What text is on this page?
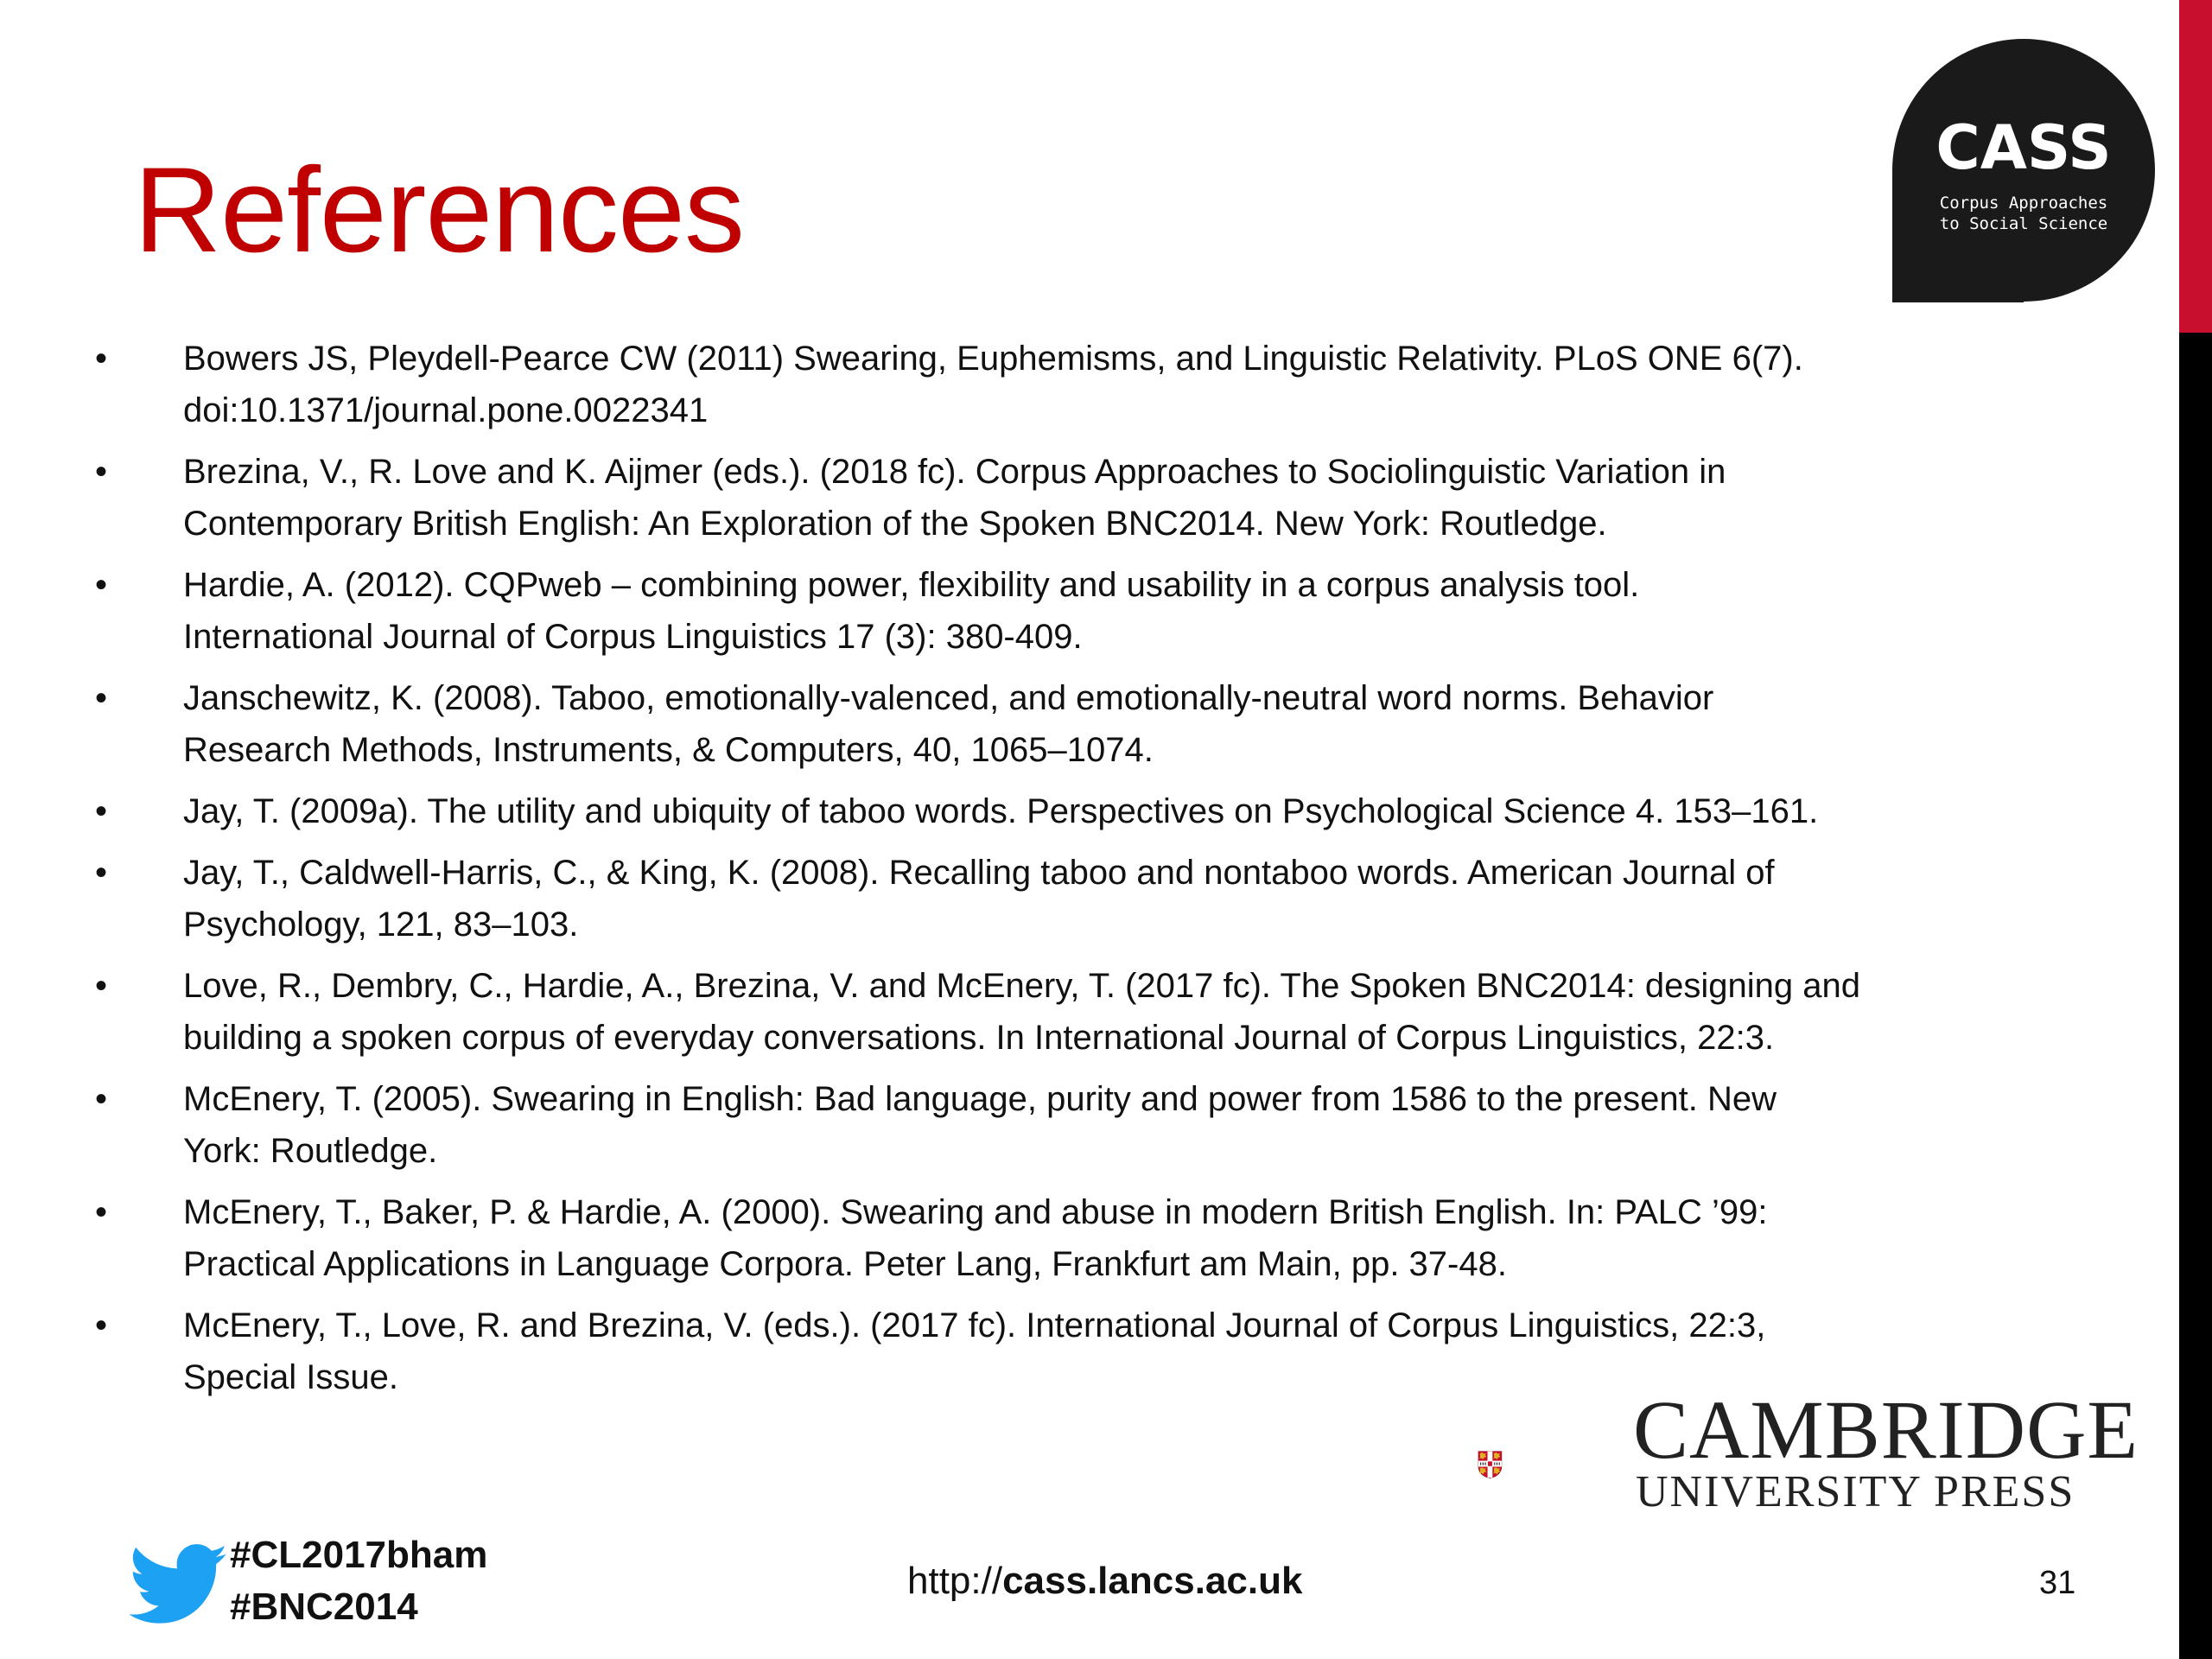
References	CASS
Corpus Approaches
to Social Science
•	Bowers JS, Pleydell-Pearce CW (2011) Swearing, Euphemisms, and Linguistic Relativity. PLoS ONE 6(7).
doi:10.1371/journal.pone.0022341
•	Brezina, V., R. Love and K. Aijmer (eds.). (2018 fc). Corpus Approaches to Sociolinguistic Variation in
Contemporary British English: An Exploration of the Spoken BNC2014. New York: Routledge.
•	Hardie, A. (2012). CQPweb – combining power, flexibility and usability in a corpus analysis tool.
International Journal of Corpus Linguistics 17 (3): 380-409.
•	Janschewitz, K. (2008). Taboo, emotionally-valenced, and emotionally-neutral word norms. Behavior
Research Methods, Instruments, & Computers, 40, 1065–1074.
•	Jay, T. (2009a). The utility and ubiquity of taboo words. Perspectives on Psychological Science 4. 153–161.
•	Jay, T., Caldwell-Harris, C., & King, K. (2008). Recalling taboo and nontaboo words. American Journal of
Psychology, 121, 83–103.
•	Love, R., Dembry, C., Hardie, A., Brezina, V. and McEnery, T. (2017 fc). The Spoken BNC2014: designing and
building a spoken corpus of everyday conversations. In International Journal of Corpus Linguistics, 22:3.
•	McEnery, T. (2005). Swearing in English: Bad language, purity and power from 1586 to the present. New
York: Routledge.
•	McEnery, T., Baker, P. & Hardie, A. (2000). Swearing and abuse in modern British English. In: PALC ’99:
Practical Applications in Language Corpora. Peter Lang, Frankfurt am Main, pp. 37-48.
•	McEnery, T., Love, R. and Brezina, V. (eds.). (2017 fc). International Journal of Corpus Linguistics, 22:3,
Special Issue.
CAMBRIDGE
UNIVERSITY PRESS
#CL2017bham
#BNC2014
http://cass.lancs.ac.uk	31
